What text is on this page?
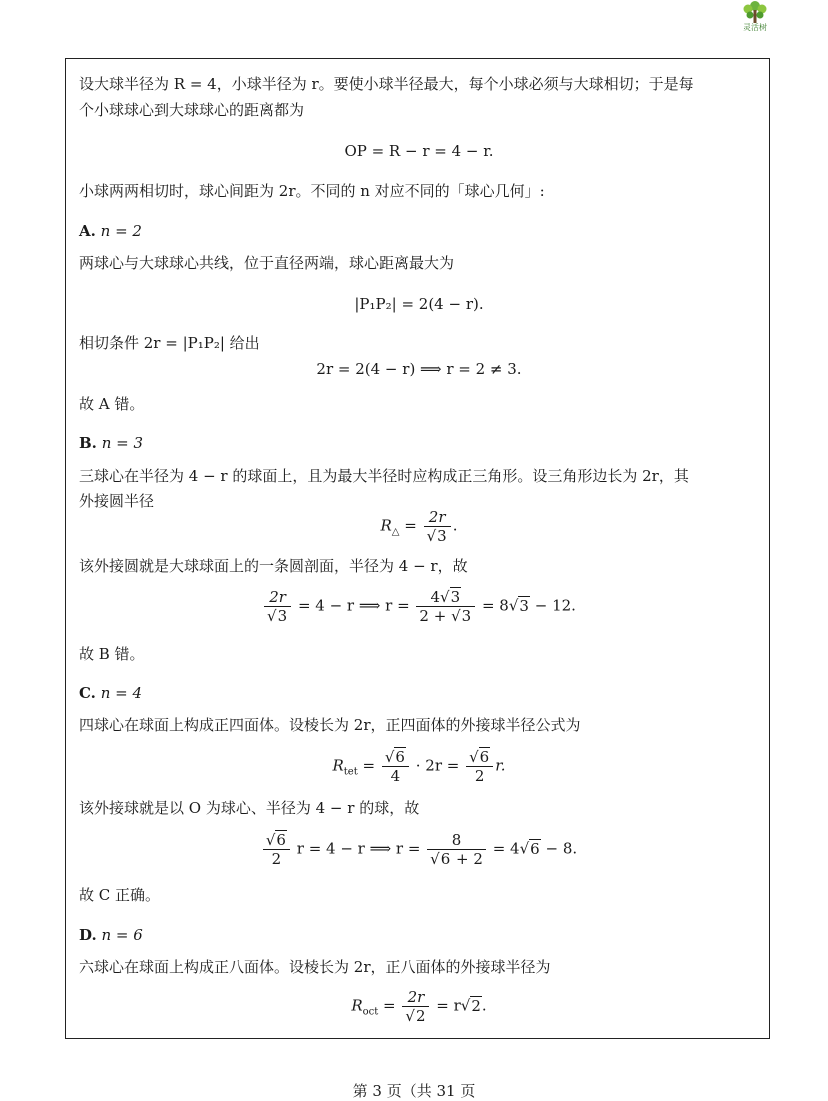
灵活树
设大球半径为 R = 4，小球半径为 r。要使小球半径最大，每个小球必须与大球相切；于是每
个小球球心到大球球心的距离都为
OP = R − r = 4 − r.
小球两两相切时，球心间距为 2r。不同的 n 对应不同的「球心几何」:
A. n = 2
两球心与大球球心共线，位于直径两端，球心距离最大为
|P₁P₂| = 2(4 − r).
相切条件 2r = |P₁P₂| 给出
2r = 2(4 − r) ⟹ r = 2 ≠ 3.
故 A 错。
B. n = 3
三球心在半径为 4 − r 的球面上，且为最大半径时应构成正三角形。设三角形边长为 2r，其
外接圆半径
$R_\triangle = \frac{2r}{√3}$ .
该外接圆就是大球球面上的一条圆剖面，半径为 4 − r，故
$\frac{2r}{√3} = 4 - r$ ⟹ $r = \frac{4√3}{2 + √3} = 8√3 - 12$.
故 B 错。
C. n = 4
四球心在球面上构成正四面体。设棱长为 2r，正四面体的外接球半径公式为
$R_{tet} = \frac{√6}{4} \cdot 2r = \frac{√6}{2} r$.
该外接球就是以 O 为球心、半径为 4 − r 的球，故
$\frac{√6}{2}$ r = 4 − r ⟹ $r = \frac{8}{√6 + 2} = 4√6 - 8$.
故 C 正确。
D. n = 6
六球心在球面上构成正八面体。设棱长为 2r，正八面体的外接球半径为
$R_{oct} = \frac{2r}{√2} = r√2$.
第 3 页（共 31 页
